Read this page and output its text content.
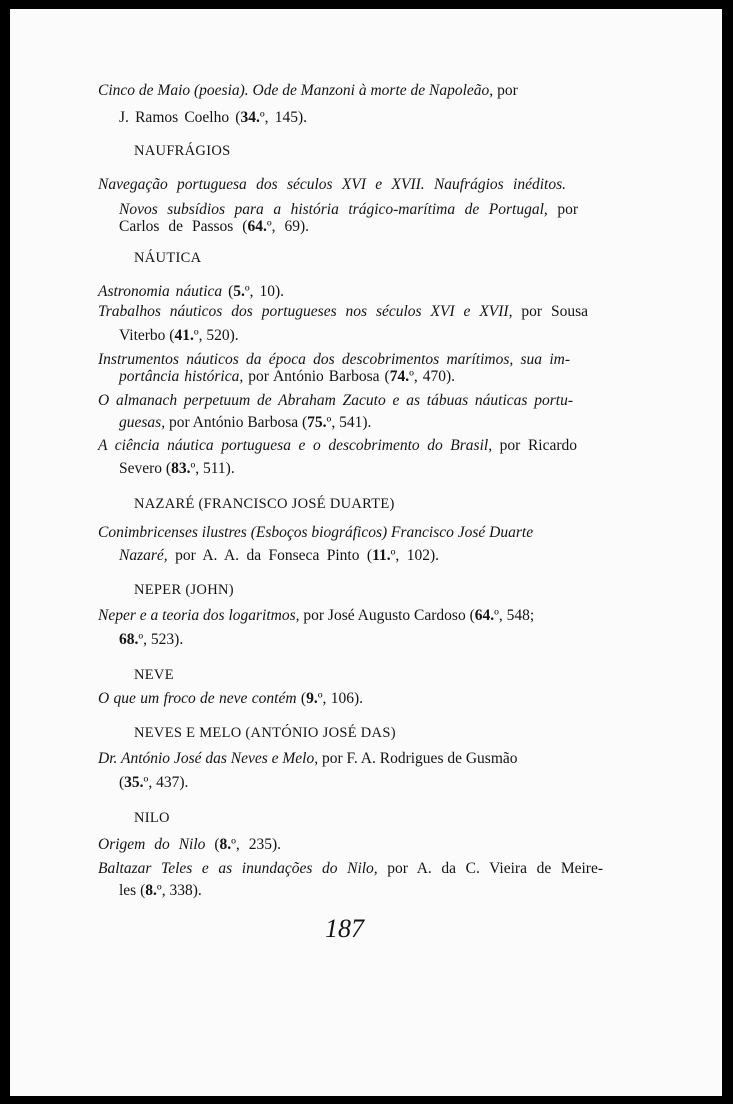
Cinco de Maio (poesia). Ode de Manzoni à morte de Napoleão, por
J. Ramos Coelho (34.º, 145).
NAUFRÁGIOS
Navegação portuguesa dos séculos XVI e XVII. Naufrágios inéditos.
Novos subsídios para a história trágico-marítima de Portugal, por
Carlos de Passos (64.º, 69).
NÁUTICA
Astronomia náutica (5.º, 10).
Trabalhos náuticos dos portugueses nos séculos XVI e XVII, por Sousa
Viterbo (41.º, 520).
Instrumentos náuticos da época dos descobrimentos marítimos, sua im-
portância histórica, por António Barbosa (74.º, 470).
O almanach perpetuum de Abraham Zacuto e as tábuas náuticas portu-
guesas, por António Barbosa (75.º, 541).
A ciência náutica portuguesa e o descobrimento do Brasil, por Ricardo
Severo (83.º, 511).
NAZARÉ (FRANCISCO JOSÉ DUARTE)
Conimbricenses ilustres (Esboços biográficos) Francisco José Duarte
Nazaré, por A. A. da Fonseca Pinto (11.º, 102).
NEPER (JOHN)
Neper e a teoria dos logaritmos, por José Augusto Cardoso (64.º, 548;
68.º, 523).
NEVE
O que um froco de neve contém (9.º, 106).
NEVES E MELO (ANTÓNIO JOSÉ DAS)
Dr. António José das Neves e Melo, por F. A. Rodrigues de Gusmão
(35.º, 437).
NILO
Origem do Nilo (8.º, 235).
Baltazar Teles e as inundações do Nilo, por A. da C. Vieira de Meire-
les (8.º, 338).
187
